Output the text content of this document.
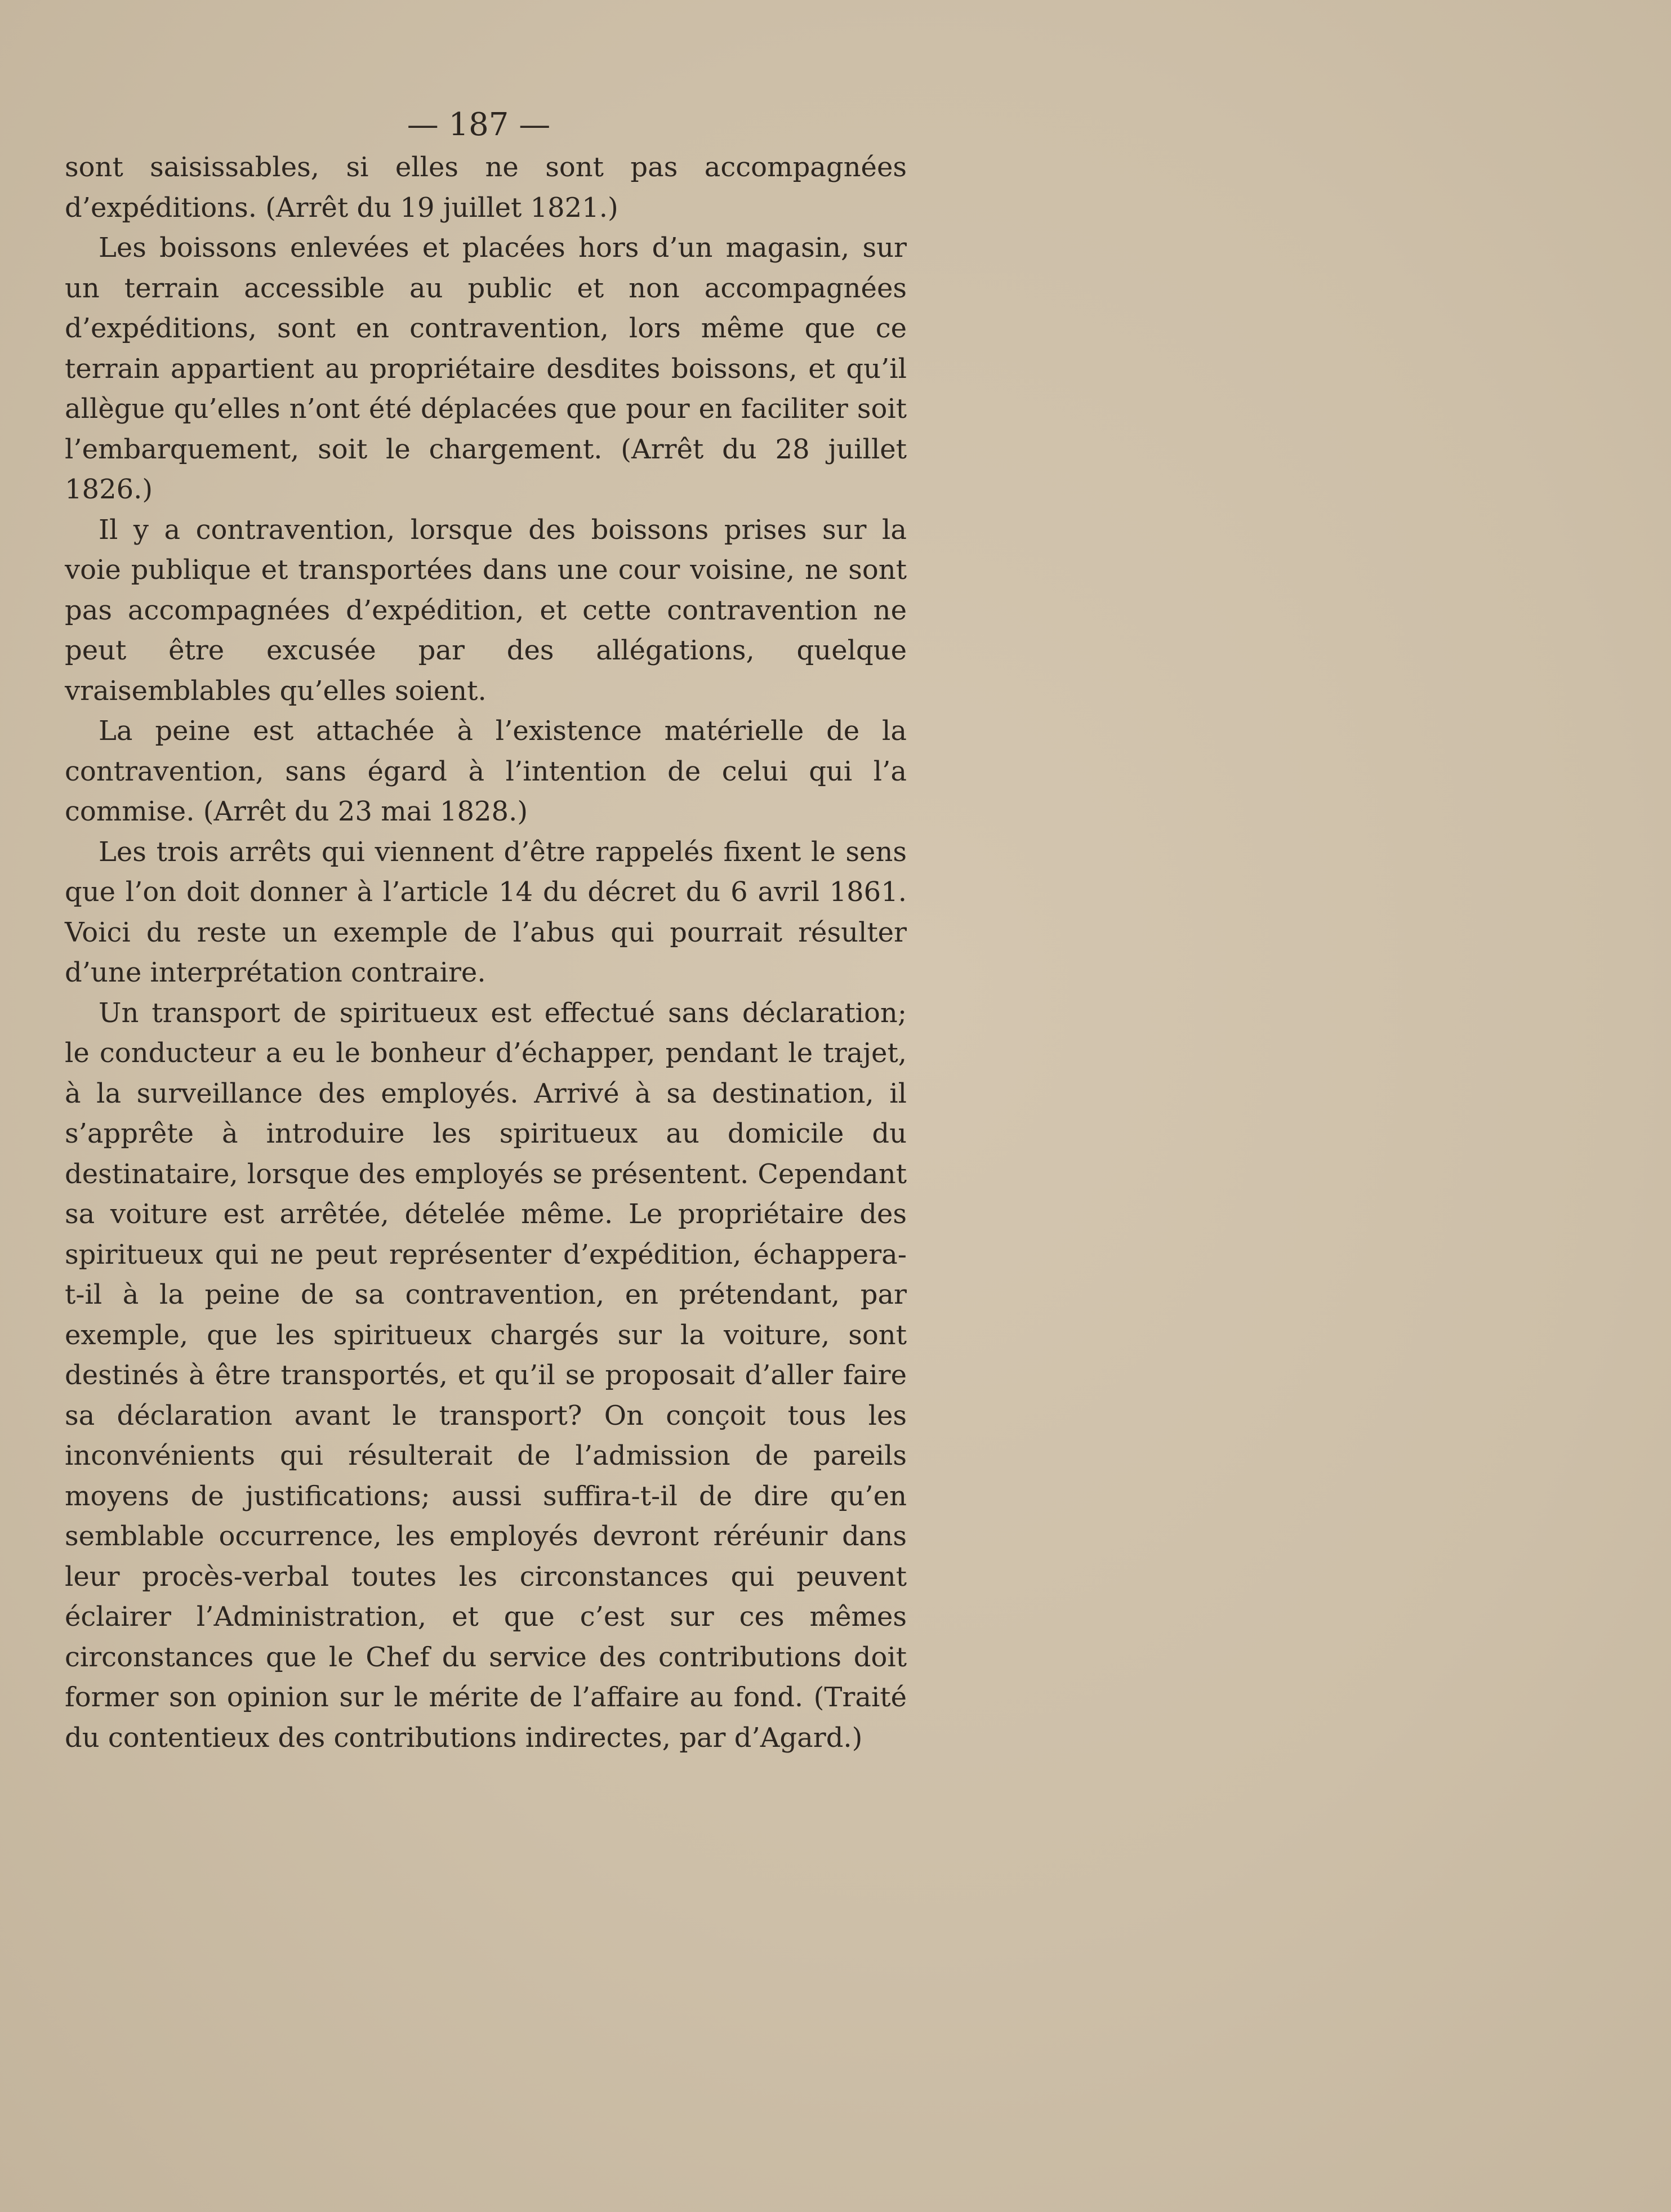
— 187 —

sont saisissables, si elles ne sont pas accompagnées d’expéditions. (Arrêt du 19 juillet 1821.)

Les boissons enlevées et placées hors d’un magasin, sur un terrain accessible au public et non accompagnées d’expéditions, sont en contravention, lors même que ce terrain appartient au propriétaire desdites boissons, et qu’il allègue qu’elles n’ont été déplacées que pour en faciliter soit l’embarquement, soit le chargement. (Arrêt du 28 juillet 1826.)

Il y a contravention, lorsque des boissons prises sur la voie publique et transportées dans une cour voisine, ne sont pas accompagnées d’expédition, et cette contravention ne peut être excusée par des allégations, quelque vraisemblables qu’elles soient.

La peine est attachée à l’existence matérielle de la contravention, sans égard à l’intention de celui qui l’a commise. (Arrêt du 23 mai 1828.)

Les trois arrêts qui viennent d’être rappelés fixent le sens que l’on doit donner à l’article 14 du décret du 6 avril 1861. Voici du reste un exemple de l’abus qui pourrait résulter d’une interprétation contraire.

Un transport de spiritueux est effectué sans déclaration; le conducteur a eu le bonheur d’échapper, pendant le trajet, à la surveillance des employés. Arrivé à sa destination, il s’apprête à introduire les spiritueux au domicile du destinataire, lorsque des employés se présentent. Cependant sa voiture est arrêtée, dételée même. Le propriétaire des spiritueux qui ne peut représenter d’expédition, échappera-t-il à la peine de sa contravention, en prétendant, par exemple, que les spiritueux chargés sur la voiture, sont destinés à être transportés, et qu’il se proposait d’aller faire sa déclaration avant le transport? On conçoit tous les inconvénients qui résulterait de l’admission de pareils moyens de justifications; aussi suffira-t-il de dire qu’en semblable occurrence, les employés devront réréunir dans leur procès-verbal toutes les circonstances qui peuvent éclairer l’Administration, et que c’est sur ces mêmes circonstances que le Chef du service des contributions doit former son opinion sur le mérite de l’affaire au fond. (Traité du contentieux des contributions indirectes, par d’Agard.)
